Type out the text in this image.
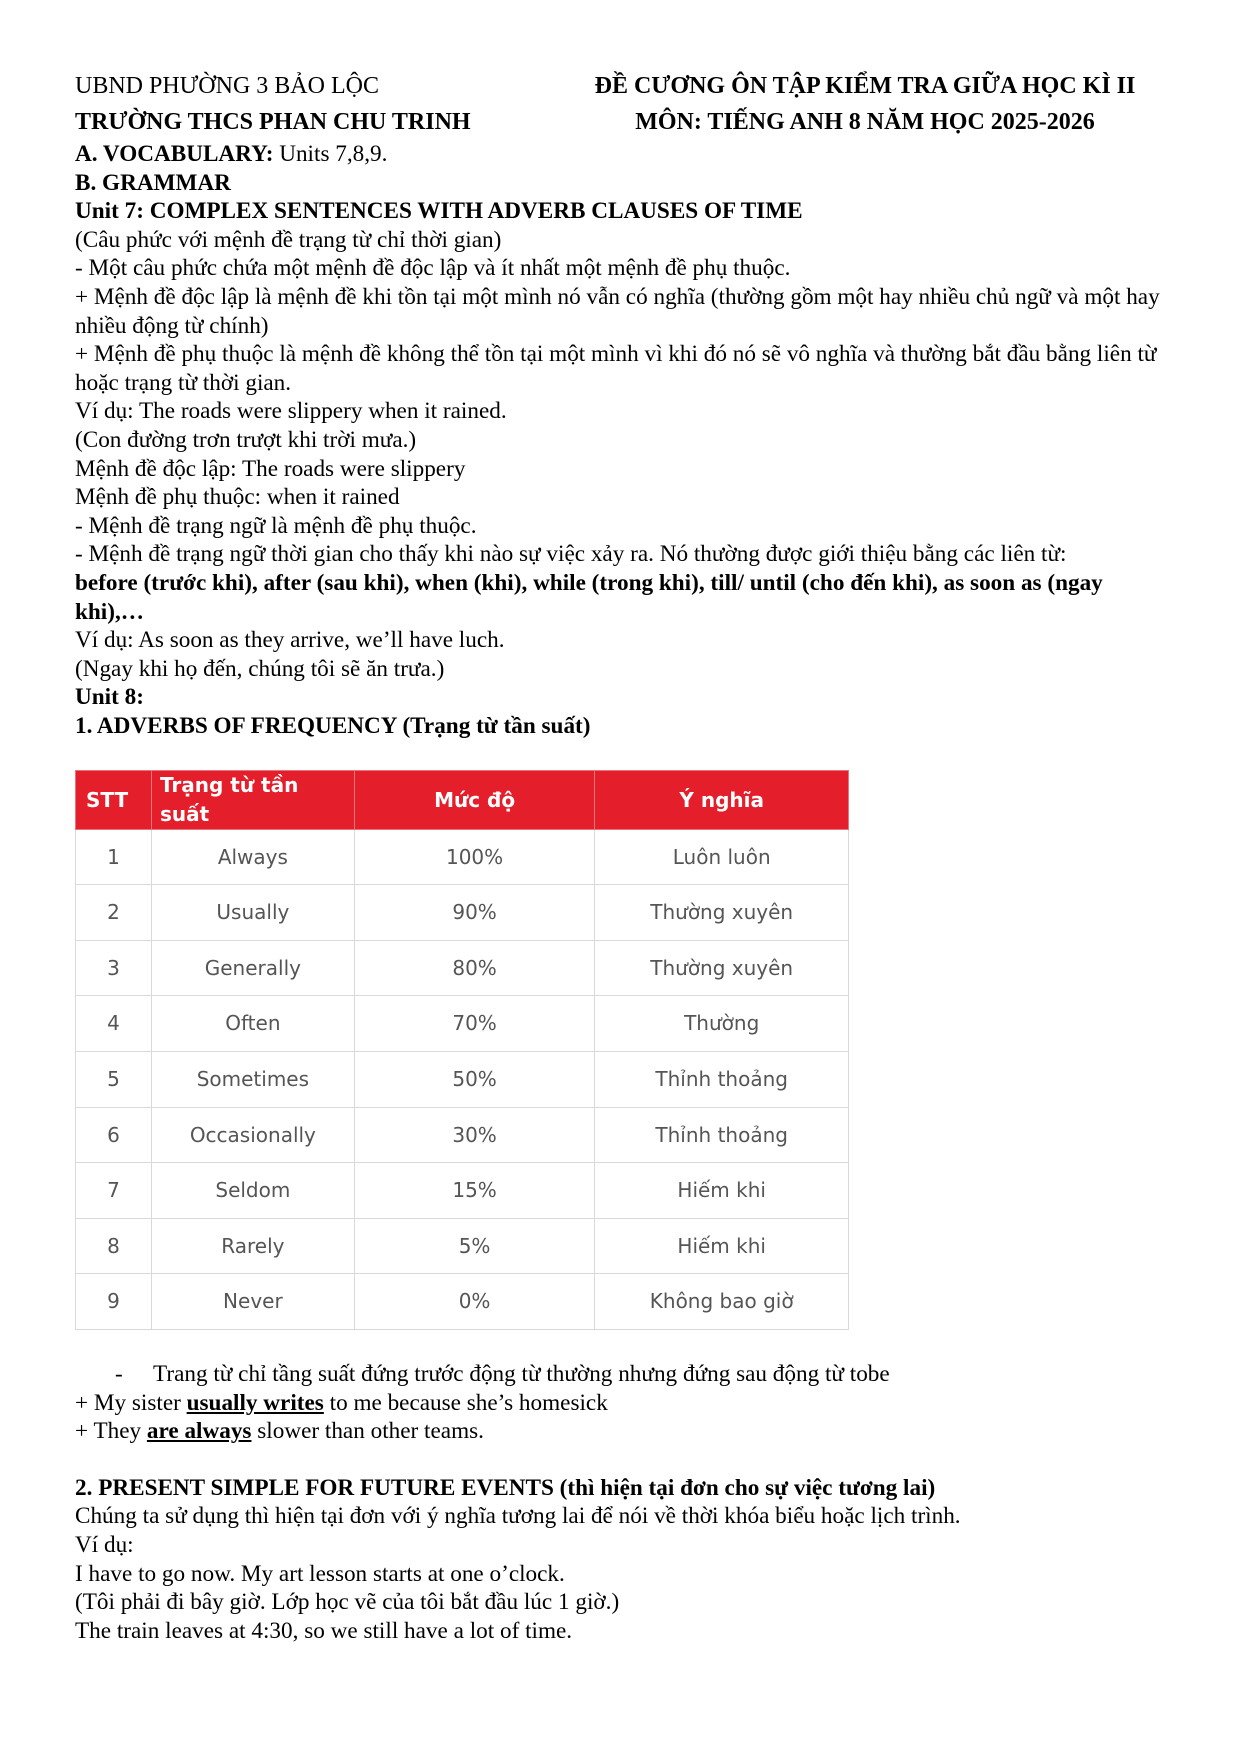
UBND PHƯỜNG 3 BẢO LỘC	ĐỀ CƯƠNG ÔN TẬP KIỂM TRA GIỮA HỌC KÌ II
TRƯỜNG THCS PHAN CHU TRINH	MÔN: TIẾNG ANH 8 NĂM HỌC 2025-2026
A. VOCABULARY: Units 7,8,9.
B. GRAMMAR
Unit 7: COMPLEX SENTENCES WITH ADVERB CLAUSES OF TIME
(Câu phức với mệnh đề trạng từ chỉ thời gian)
- Một câu phức chứa một mệnh đề độc lập và ít nhất một mệnh đề phụ thuộc.
+ Mệnh đề độc lập là mệnh đề khi tồn tại một mình nó vẫn có nghĩa (thường gồm một hay nhiều chủ ngữ và một hay nhiều động từ chính)
+ Mệnh đề phụ thuộc là mệnh đề không thể tồn tại một mình vì khi đó nó sẽ vô nghĩa và thường bắt đầu bằng liên từ hoặc trạng từ thời gian.
Ví dụ: The roads were slippery when it rained.
(Con đường trơn trượt khi trời mưa.)
Mệnh đề độc lập: The roads were slippery
Mệnh đề phụ thuộc: when it rained
- Mệnh đề trạng ngữ là mệnh đề phụ thuộc.
- Mệnh đề trạng ngữ thời gian cho thấy khi nào sự việc xảy ra. Nó thường được giới thiệu bằng các liên từ:
before (trước khi), after (sau khi), when (khi), while (trong khi), till/ until (cho đến khi), as soon as (ngay khi),…
Ví dụ: As soon as they arrive, we’ll have luch.
(Ngay khi họ đến, chúng tôi sẽ ăn trưa.)
Unit 8:
1. ADVERBS OF FREQUENCY (Trạng từ tần suất)
STT	Trạng từ tần suất	Mức độ	Ý nghĩa
1	Always	100%	Luôn luôn
2	Usually	90%	Thường xuyên
3	Generally	80%	Thường xuyên
4	Often	70%	Thường
5	Sometimes	50%	Thỉnh thoảng
6	Occasionally	30%	Thỉnh thoảng
7	Seldom	15%	Hiếm khi
8	Rarely	5%	Hiếm khi
9	Never	0%	Không bao giờ
- Trang từ chỉ tầng suất đứng trước động từ thường nhưng đứng sau động từ tobe
+ My sister usually writes to me because she’s homesick
+ They are always slower than other teams.
2. PRESENT SIMPLE FOR FUTURE EVENTS (thì hiện tại đơn cho sự việc tương lai)
Chúng ta sử dụng thì hiện tại đơn với ý nghĩa tương lai để nói về thời khóa biểu hoặc lịch trình.
Ví dụ:
I have to go now. My art lesson starts at one o’clock.
(Tôi phải đi bây giờ. Lớp học vẽ của tôi bắt đầu lúc 1 giờ.)
The train leaves at 4:30, so we still have a lot of time.
